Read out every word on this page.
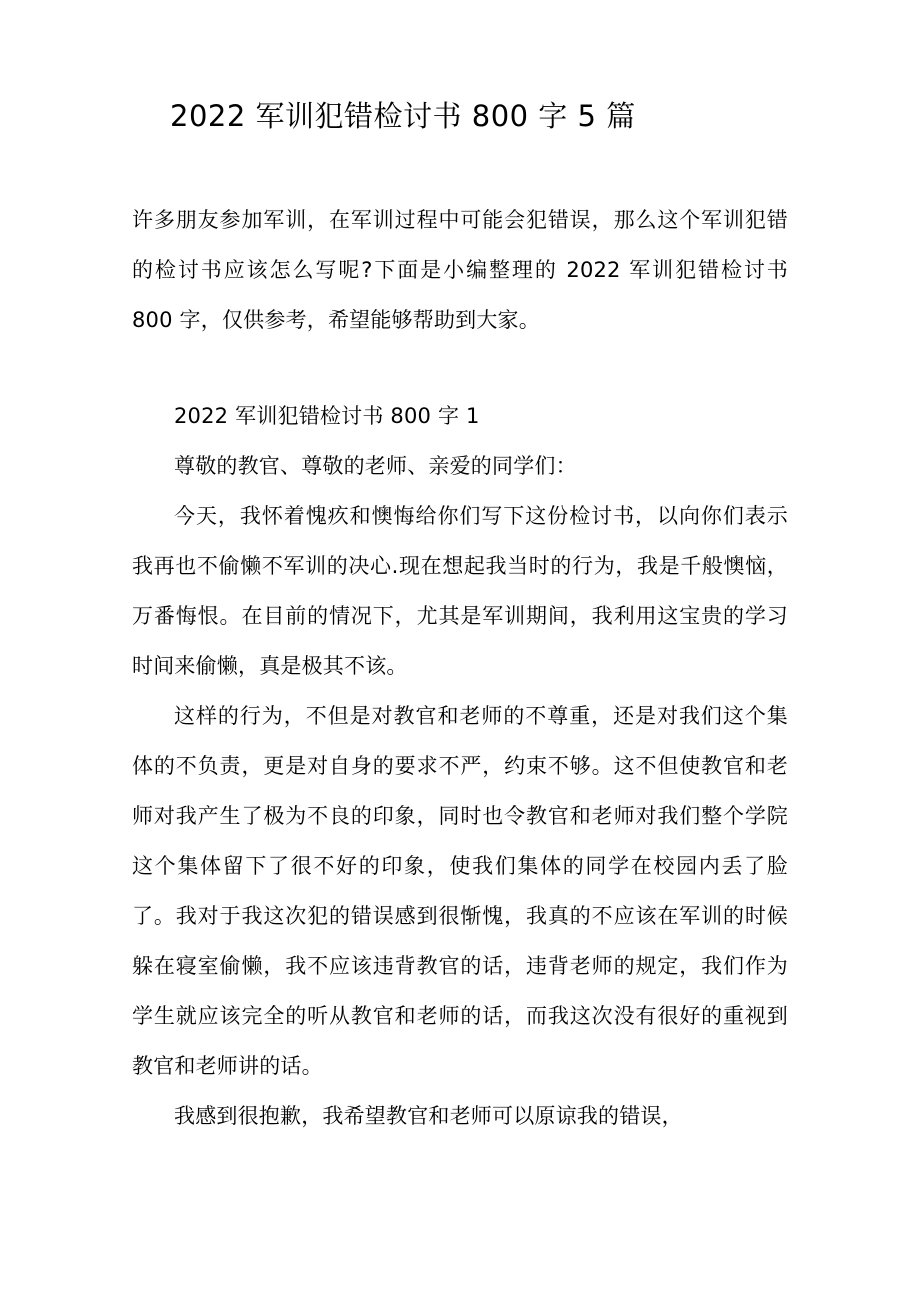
2022 军训犯错检讨书 800 字 5 篇

许多朋友参加军训，在军训过程中可能会犯错误，那么这个军训犯错的检讨书应该怎么写呢?下面是小编整理的 2022 军训犯错检讨书 800 字，仅供参考，希望能够帮助到大家。

2022 军训犯错检讨书 800 字 1

尊敬的教官、尊敬的老师、亲爱的同学们：

今天，我怀着愧疚和懊悔给你们写下这份检讨书，以向你们表示我再也不偷懒不军训的决心.现在想起我当时的行为，我是千般懊恼，万番悔恨。在目前的情况下，尤其是军训期间，我利用这宝贵的学习时间来偷懒，真是极其不该。

这样的行为，不但是对教官和老师的不尊重，还是对我们这个集体的不负责，更是对自身的要求不严，约束不够。这不但使教官和老师对我产生了极为不良的印象，同时也令教官和老师对我们整个学院这个集体留下了很不好的印象，使我们集体的同学在校园内丢了脸了。我对于我这次犯的错误感到很惭愧，我真的不应该在军训的时候躲在寝室偷懒，我不应该违背教官的话，违背老师的规定，我们作为学生就应该完全的听从教官和老师的话，而我这次没有很好的重视到教官和老师讲的话。

我感到很抱歉，我希望教官和老师可以原谅我的错误，
